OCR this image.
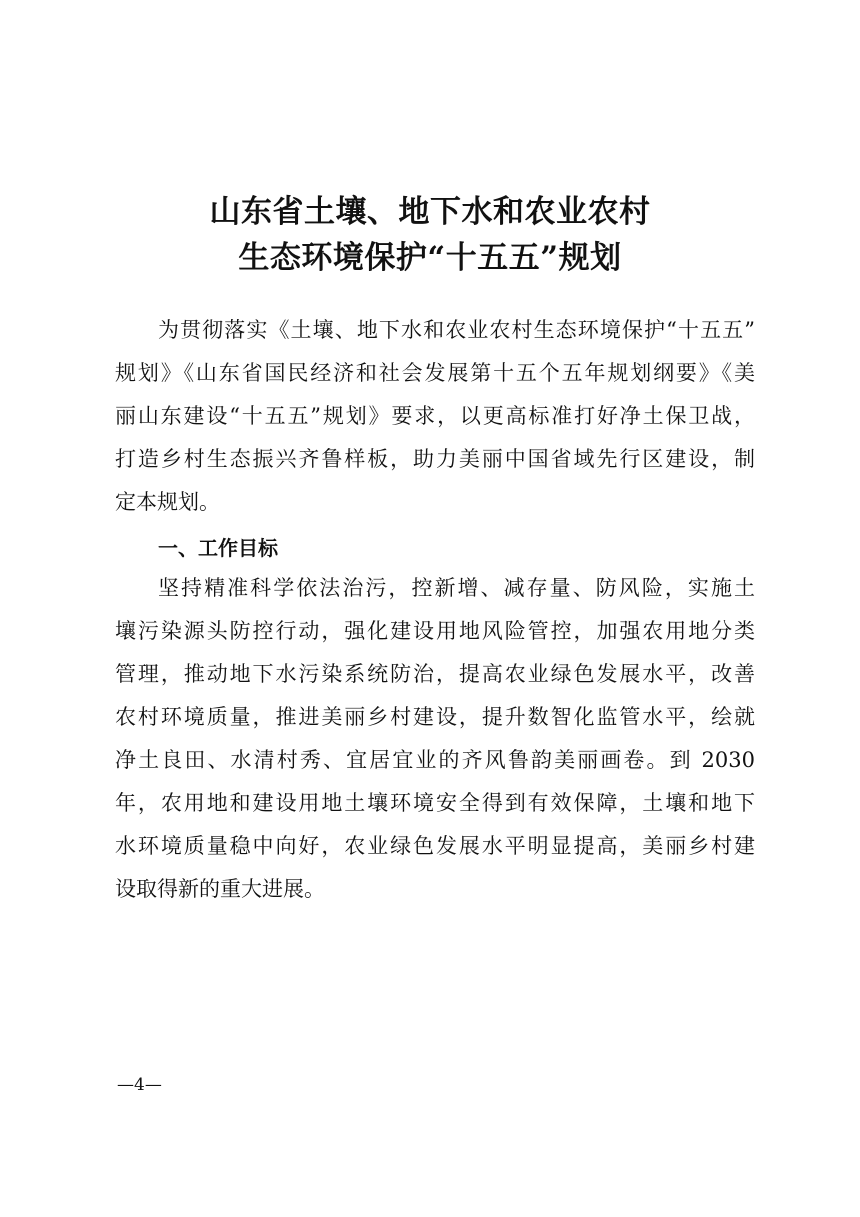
山东省土壤、地下水和农业农村
生态环境保护“十五五”规划
为贯彻落实《土壤、地下水和农业农村生态环境保护“十五五”
规划》《山东省国民经济和社会发展第十五个五年规划纲要》《美
丽山东建设“十五五”规划》要求，以更高标准打好净土保卫战，
打造乡村生态振兴齐鲁样板，助力美丽中国省域先行区建设，制
定本规划。
一、工作目标
坚持精准科学依法治污，控新增、减存量、防风险，实施土
壤污染源头防控行动，强化建设用地风险管控，加强农用地分类
管理，推动地下水污染系统防治，提高农业绿色发展水平，改善
农村环境质量，推进美丽乡村建设，提升数智化监管水平，绘就
净土良田、水清村秀、宜居宜业的齐风鲁韵美丽画卷。到 2030
年，农用地和建设用地土壤环境安全得到有效保障，土壤和地下
水环境质量稳中向好，农业绿色发展水平明显提高，美丽乡村建
设取得新的重大进展。
—4—
